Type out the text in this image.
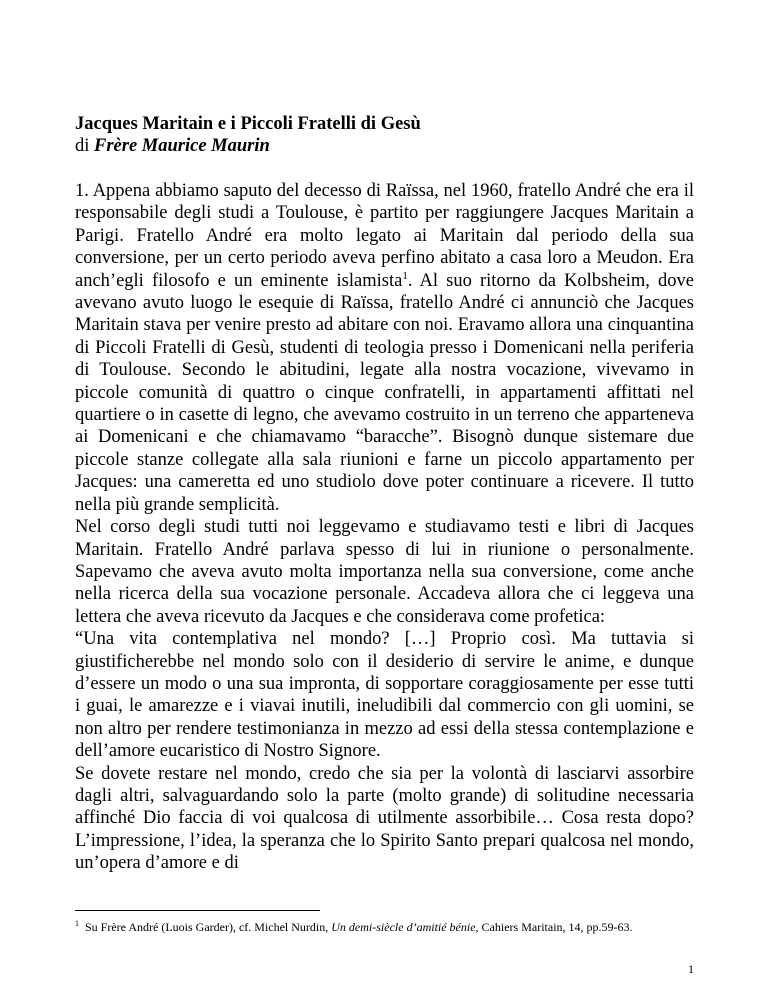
Jacques Maritain e i Piccoli Fratelli di Gesù
di Frère Maurice Maurin

1. Appena abbiamo saputo del decesso di Raïssa, nel 1960, fratello André che era il responsabile degli studi a Toulouse, è partito per raggiungere Jacques Maritain a Parigi. Fratello André era molto legato ai Maritain dal periodo della sua conversione, per un certo periodo aveva perfino abitato a casa loro a Meudon. Era anch’egli filosofo e un eminente islamista$^1$. Al suo ritorno da Kolbsheim, dove avevano avuto luogo le esequie di Raïssa, fratello André ci annunciò che Jacques Maritain stava per venire presto ad abitare con noi. Eravamo allora una cinquantina di Piccoli Fratelli di Gesù, studenti di teologia presso i Domenicani nella periferia di Toulouse. Secondo le abitudini, legate alla nostra vocazione, vivevamo in piccole comunità di quattro o cinque confratelli, in appartamenti affittati nel quartiere o in casette di legno, che avevamo costruito in un terreno che apparteneva ai Domenicani e che chiamavamo “baracche”. Bisognò dunque sistemare due piccole stanze collegate alla sala riunioni e farne un piccolo appartamento per Jacques: una cameretta ed uno studiolo dove poter continuare a ricevere. Il tutto nella più grande semplicità.

Nel corso degli studi tutti noi leggevamo e studiavamo testi e libri di Jacques Maritain. Fratello André parlava spesso di lui in riunione o personalmente. Sapevamo che aveva avuto molta importanza nella sua conversione, come anche nella ricerca della sua vocazione personale. Accadeva allora che ci leggeva una lettera che aveva ricevuto da Jacques e che considerava come profetica:

“Una vita contemplativa nel mondo? […] Proprio così. Ma tuttavia si giustificherebbe nel mondo solo con il desiderio di servire le anime, e dunque d’essere un modo o una sua impronta, di sopportare coraggiosamente per esse tutti i guai, le amarezze e i viavai inutili, ineludibili dal commercio con gli uomini, se non altro per rendere testimonianza in mezzo ad essi della stessa contemplazione e dell’amore eucaristico di Nostro Signore.

Se dovete restare nel mondo, credo che sia per la volontà di lasciarvi assorbire dagli altri, salvaguardando solo la parte (molto grande) di solitudine necessaria affinché Dio faccia di voi qualcosa di utilmente assorbibile… Cosa resta dopo? L’impressione, l’idea, la speranza che lo Spirito Santo prepari qualcosa nel mondo, un’opera d’amore e di

$^1$ Su Frère André (Luois Garder), cf. Michel Nurdin, Un demi-siècle d’amitié bénie, Cahiers Maritain, 14, pp.59-63.
1
